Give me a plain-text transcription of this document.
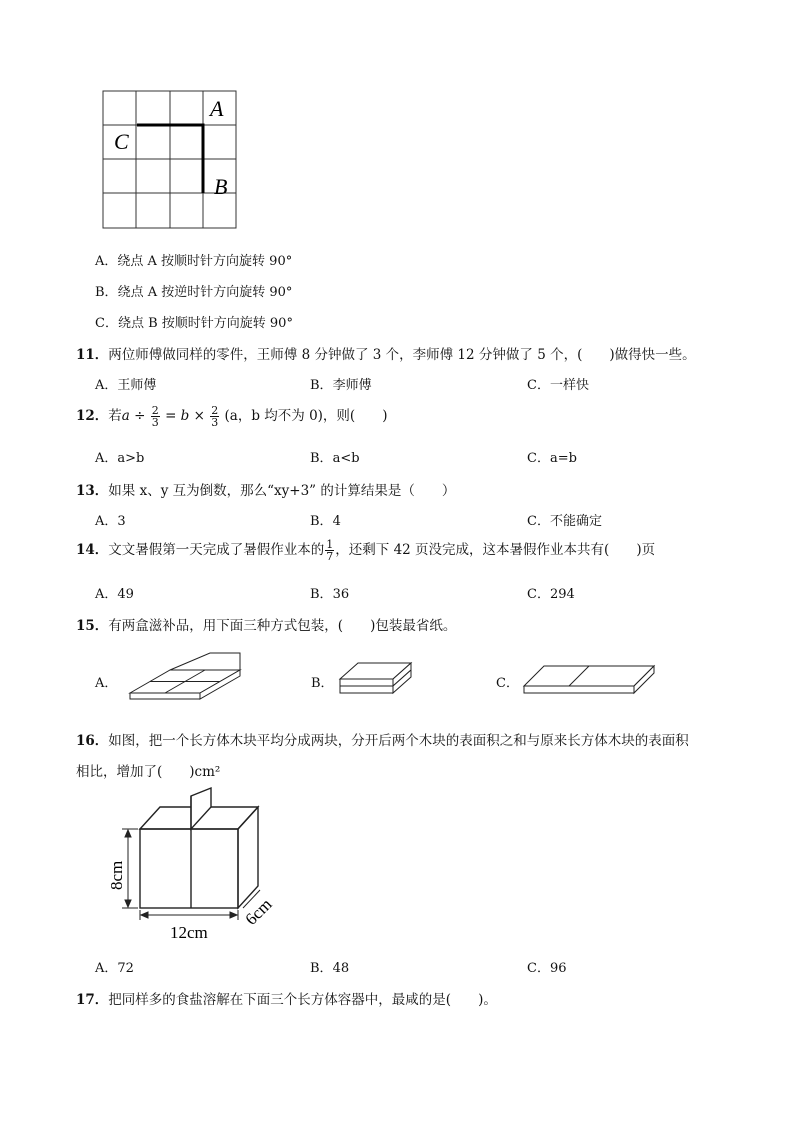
A
C
B
A．绕点 A 按顺时针方向旋转 90°
B．绕点 A 按逆时针方向旋转 90°
C．绕点 B 按顺时针方向旋转 90°
11．两位师傅做同样的零件，王师傅 8 分钟做了 3 个，李师傅 12 分钟做了 5 个，(　　)做得快一些。
A．王师傅	B．李师傅	C．一样快
12．若$a \div \frac{2}{3} = b \times \frac{2}{3} (a$，b 均不为 0)，则(　　)
A．a>b	B．a<b	C．a=b
13．如果 x、y 互为倒数，那么“xy+3” 的计算结果是（　　）
A．3	B．4	C．不能确定
14．文文暑假第一天完成了暑假作业本的 $\frac{1}{7}$ ，还剩下 42 页没完成，这本暑假作业本共有(　　)页
A．49	B．36	C．294
15．有两盒滋补品，用下面三种方式包装，(　　)包装最省纸。
A．	B．	C．
16．如图，把一个长方体木块平均分成两块，分开后两个木块的表面积之和与原来长方体木块的表面积
相比，增加了(　　)cm²
8cm
12cm
6cm
A．72	B．48	C．96
17．把同样多的食盐溶解在下面三个长方体容器中，最咸的是(　　)。
